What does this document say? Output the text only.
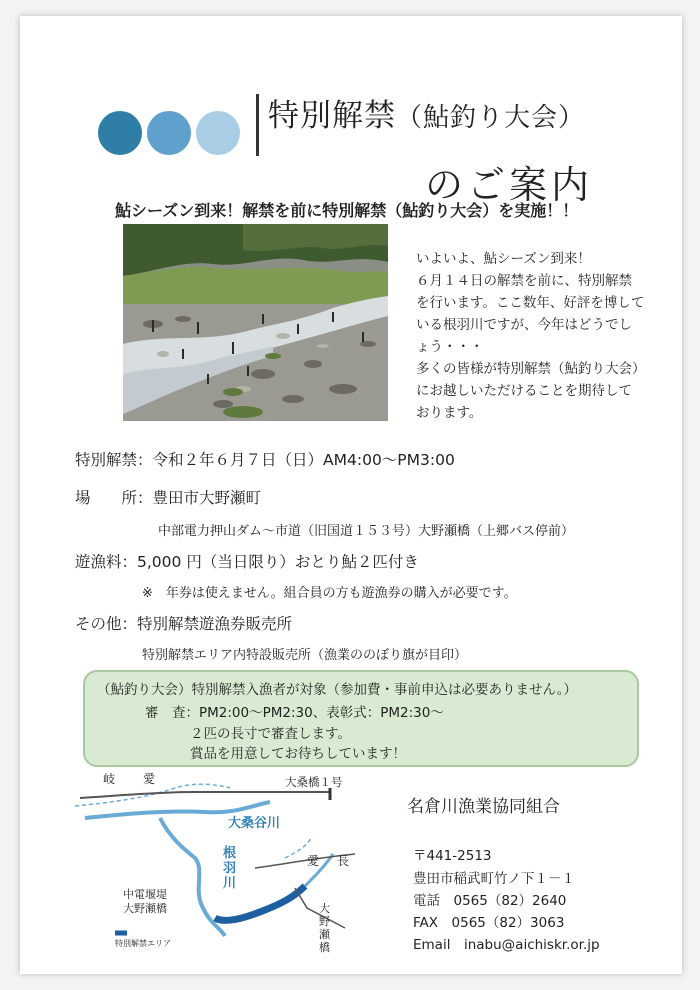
特別解禁（鮎釣り大会）
のご案内
鮎シーズン到来！解禁を前に特別解禁（鮎釣り大会）を実施！！

いよいよ、鮎シーズン到来！

６月１４日の解禁を前に、特別解禁

を行います。ここ数年、好評を博して

いる根羽川ですが、今年はどうでし

ょう・・・

多くの皆様が特別解禁（鮎釣り大会）

にお越しいただけることを期待して

おります。

特別解禁：令和２年６月７日（日）AM4:00～PM3:00
場　　所：豊田市大野瀬町
中部電力押山ダム～市道（旧国道１５３号）大野瀬橋（上郷バス停前）
遊漁料：5,000 円（当日限り）おとり鮎２匹付き
※　年券は使えません。組合員の方も遊漁券の購入が必要です。
その他：特別解禁遊漁券販売所
特別解禁エリア内特設販売所（漁業ののぼり旗が目印）
（鮎釣り大会）特別解禁入漁者が対象（参加費・事前申込は必要ありません。）
審　査：PM2:00～PM2:30、表彰式：PM2:30～
２匹の長寸で審査します。
賞品を用意してお待ちしています！
岐 愛	大桑橋１号
大桑谷川
根羽川
愛 長
中電堰堤
大野瀬橋	大野瀬橋
特別解禁エリア
名倉川漁業協同組合
〒441-2513
豊田市稲武町竹ノ下１－１
電話　 0565（82）2640
FAX　 0565（82）3063
Email　 inabu@aichiskr.or.jp
